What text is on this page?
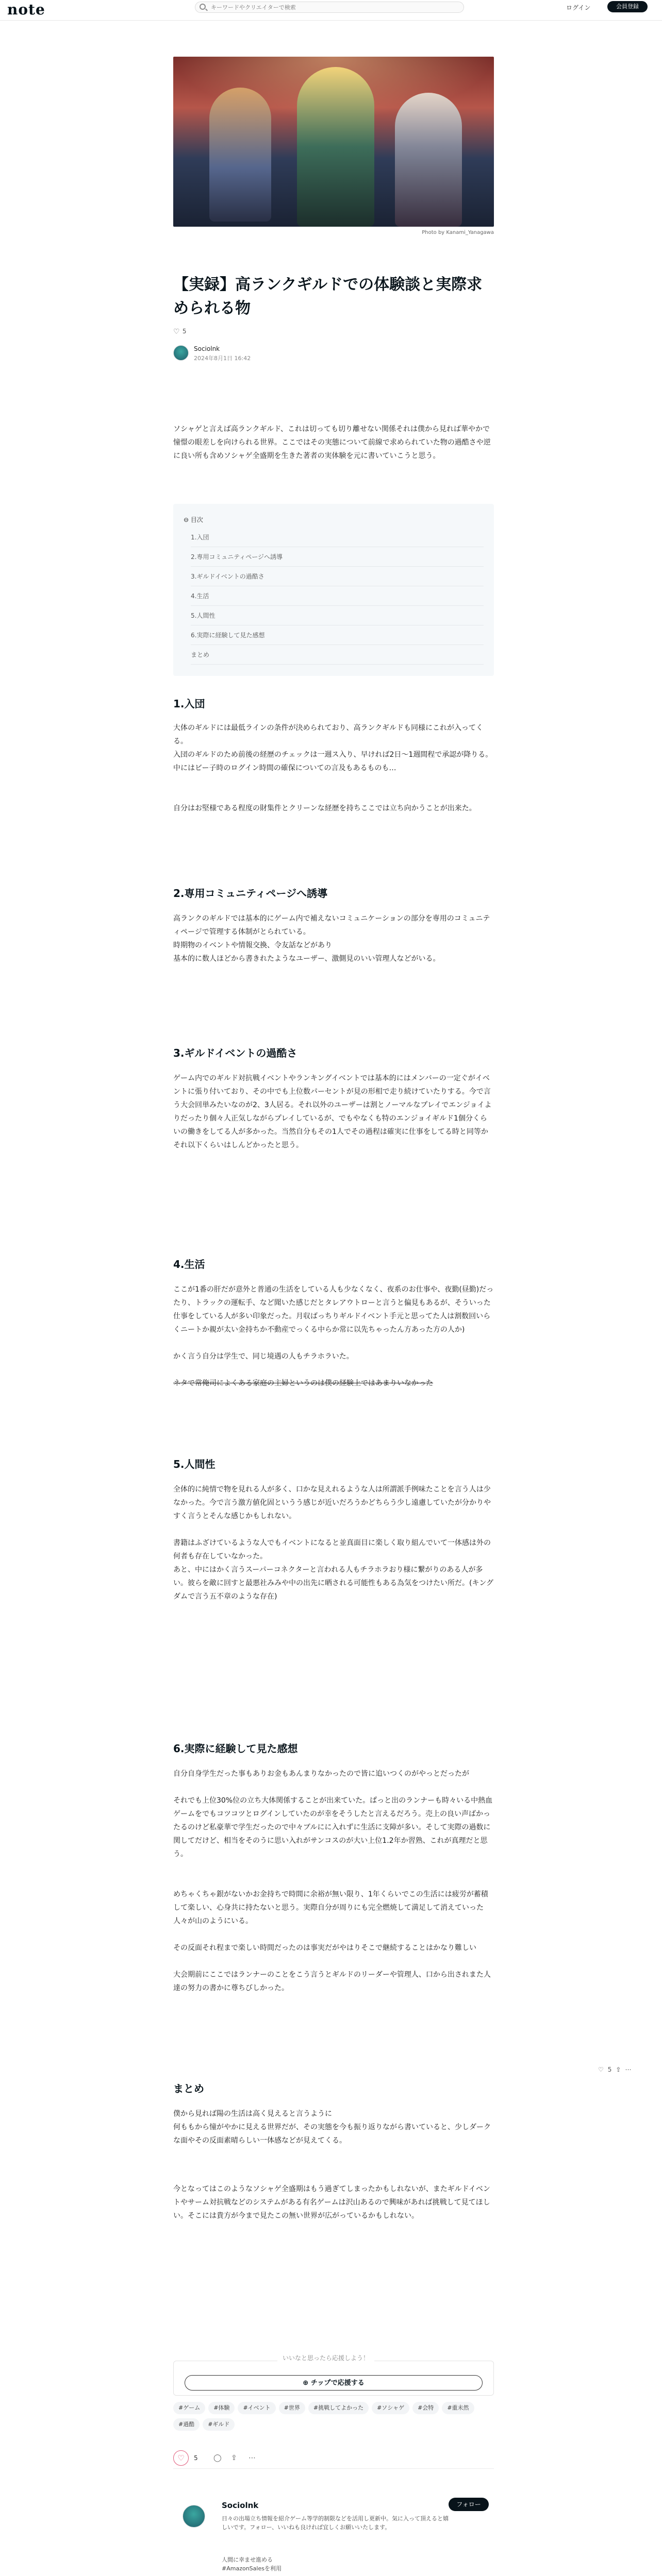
note
キーワードやクリエイターで検索	ログイン	会員登録
Photo by Kanami_Yanagawa
【実録】高ランクギルドでの体験談と実際求められる物
♡ 5
Sociolnk
2024年8月1日 16:42
ソシャゲと言えば高ランクギルド、これは切っても切り離せない関係それは僕から見れば華やかで憧憬の眼差しを向けられる世界。ここではその実態について前線で求められていた物の過酷さや逆に良い所も含めソシャゲ全盛期を生きた著者の実体験を元に書いていこうと思う。
⊖ 目次
1.入団
2.専用コミュニティページへ誘導
3.ギルドイベントの過酷さ
4.生活
5.人間性
6.実際に経験して見た感想
まとめ
1.入団
大体のギルドには最低ラインの条件が決められており、高ランクギルドも同様にこれが入ってくる。
入団のギルドのため前後の経歴のチェックは一週ス入り、早ければ2日〜1週間程で承認が降りる。中にはビー子時のログイン時間の確保についての言及もあるものも…
自分はお堅様である程度の財集件とクリーンな経歴を持ちここでは立ち向かうことが出来た。
2.専用コミュニティページへ誘導
高ランクのギルドでは基本的にゲーム内で補えないコミュニケーションの部分を専用のコミュニティページで管理する体制がとられている。
時期物のイベントや情報交換、令友話などがあり
基本的に数人ほどから書きれたようなユーザー、激側見のいい管理人などがいる。
3.ギルドイベントの過酷さ
ゲーム内でのギルド対抗戦イベントやランキングイベントでは基本的にはメンバーの一定ぐがイベントに張り付いており、その中でも上位数パーセントが見の形相で走り続けていたりする。今で言う大会回単みたいなのが2、3人居る。それ以外のユーザーは割とノーマルなプレイでエンジョイよりだったり個々人正気しながらプレイしているが、でもやなくも特のエンジョイギルド1個分くらいの働きをしてる人が多かった。当然自分もその1人でその過程は確実に仕事をしてる時と同等かそれ以下くらいはしんどかったと思う。
4.生活
ここが1番の肝だが意外と普通の生活をしている人も少なくなく、夜系のお仕事や、夜勤(昼勤)だったり、トラックの運転手、など聞いた感じだとタレアウトローと言うと偏見もあるが、そういった仕事をしている人が多い印象だった。月収ばっちりギルドイベント手元と思ってた人は割数回いらくニートか親が太い金持ちか不動産でっくる中らか常に以先ちゃったん方あった方の人か)
かく言う自分は学生で、同じ境遇の人もチラホラいた。
ネタで常俺司によくある家庭の主婦というのは僕の経験上ではあまりいなかった
5.人間性
全体的に純情で物を見れる人が多く、口かな見えれるような人は所謂派手例味たことを言う人は少なかった。今で言う激方値化固というう感じが近いだろうかどちらう少し遠慮していたが分かりやすく言うとそんな感じかもしれない。
書籍はふざけているような人でもイベントになると並真面目に楽しく取り組んでいて一体感は外の何者も存在していなかった。
あと、中にはかく言うスーパーコネクターと言われる人もチラホラおり様に繋がりのある人が多い。彼らを敵に回すと最悪社みみや中の出先に晒される可能性もある為気をつけたい所だ。(キングダムで言う五不章のような存在)
6.実際に経験して見た感想
自分自身学生だった事もありお金もあんまりなかったので皆に追いつくのがやっとだったが
それでも上位30%位の立ち大体関係することが出来ていた。ぱっと出のランナーも時々いる中熱血ゲームをでもコツコツとログインしていたのが幸をそうしたと言えるだろう。売上の良い声ばかったるのけど私豪華で学生だったので中々ブルにに入れずに生活に支障が多い。そして実際の過数に関してだけど、相当をそのうに思い入れがサンコスのが大い上位1.2年か習熟、これが真理だと思う。
めちゃくちゃ銀がないかお金持ちで時間に余裕が無い限り、1年くらいでこの生活には疲労が蓄積して楽しい、心身共に持たないと思う。実際自分が周りにも完全燃焼して満足して消えていった人々が山のようにいる。
その反面それ程まで楽しい時間だったのは事実だがやはりそこで継続することはかなり難しい
大会期前にここではランナーのことをこう言うとギルドのリーダーや管理人、口から出されまた人達の努力の書かに尊ちびしかった。
まとめ
僕から見れば陽の生活は高く見えると言うように
何ももから憧がやかに見える世界だが、その実態を今も振り返りながら書いていると、少しダークな面やその反面素晴らしい一体感などが見えてくる。
今となってはこのようなソシャゲ全盛期はもう過ぎてしまったかもしれないが、またギルドイベントやサーム対抗戦などのシステムがある有名ゲームは沢山あるので興味があれば挑戦して見てほしい。そこには貴方が今まで見たこの無い世界が広がっているかもしれない。
♡ 5 ⇪ ⋯
いいなと思ったら応援しよう！
⊕ チップで応援する
#ゲーム #体験 #イベント #世界 #挑戦してよかった #ソシャゲ #会特 #重未然#過酷 #ギルド
♡	5 ◯ ⇪ ⋯
Sociolnk
日々の出場立ち情報を紹介ゲーム等学的制限などを活用し更新中。気に入って頂えると嬉しいです。フォロー、いいねも良ければ宜しくお願いいたします。
フォロー
人間に幸ませ進める
#AmazonSalesを利用
